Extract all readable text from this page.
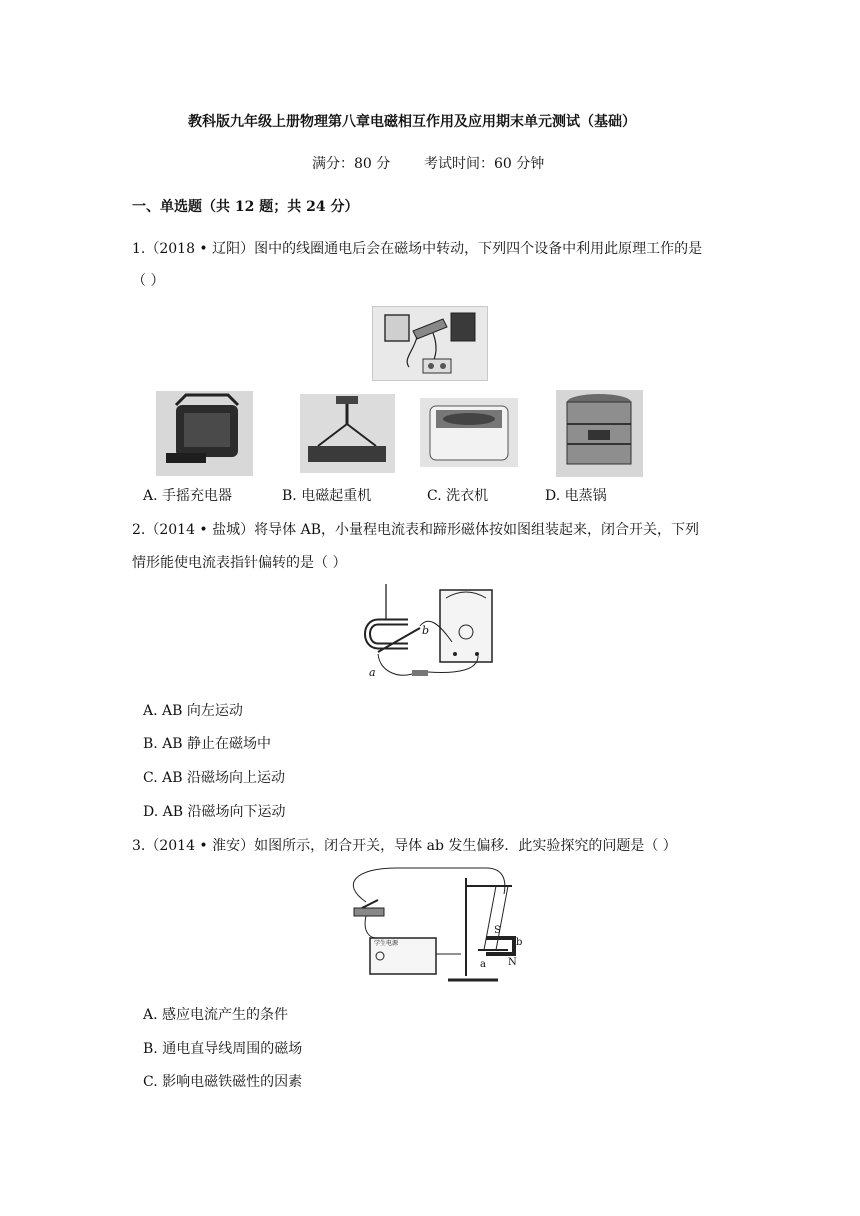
教科版九年级上册物理第八章电磁相互作用及应用期末单元测试（基础）
满分：80 分 考试时间：60 分钟
一、单选题（共 12 题；共 24 分）
1.（2018 • 辽阳）图中的线圈通电后会在磁场中转动，下列四个设备中利用此原理工作的是
（ ）
A. 手摇充电器	B. 电磁起重机	C. 洗衣机	D. 电蒸锅
2.（2014 • 盐城）将导体 AB，小量程电流表和蹄形磁体按如图组装起来，闭合开关，下列
情形能使电流表指针偏转的是（ ）
a
b
A. AB 向左运动
B. AB 静止在磁场中
C. AB 沿磁场向上运动
D. AB 沿磁场向下运动
3.（2014 • 淮安）如图所示，闭合开关，导体 ab 发生偏移．此实验探究的问题是（ ）
学生电源
S
N
a
b
A. 感应电流产生的条件
B. 通电直导线周围的磁场
C. 影响电磁铁磁性的因素
